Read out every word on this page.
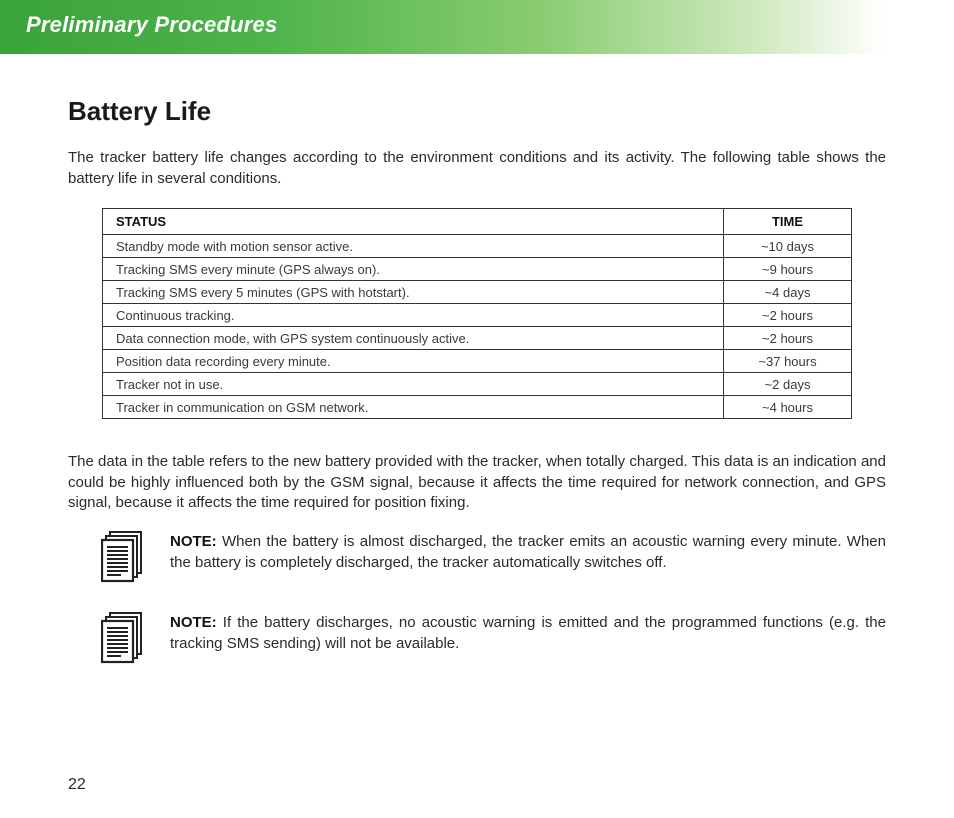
Preliminary Procedures
Battery Life

The tracker battery life changes according to the environment conditions and its activity. The following table shows the battery life in several conditions.

STATUS	TIME
Standby mode with motion sensor active.	~10 days
Tracking SMS every minute (GPS always on).	~9 hours
Tracking SMS every 5 minutes (GPS with hotstart).	~4 days
Continuous tracking.	~2 hours
Data connection mode, with GPS system continuously active.	~2 hours
Position data recording every minute.	~37 hours
Tracker not in use.	~2 days
Tracker in communication on GSM network.	~4 hours

The data in the table refers to the new battery provided with the tracker, when totally charged. This data is an indication and could be highly influenced both by the GSM signal, because it affects the time required for network connection, and GPS signal, because it affects the time required for position fixing.

NOTE: When the battery is almost discharged, the tracker emits an acoustic warning every minute. When the battery is completely discharged, the tracker automatically switches off.

NOTE: If the battery discharges, no acoustic warning is emitted and the programmed functions (e.g. the tracking SMS sending) will not be available.

22
